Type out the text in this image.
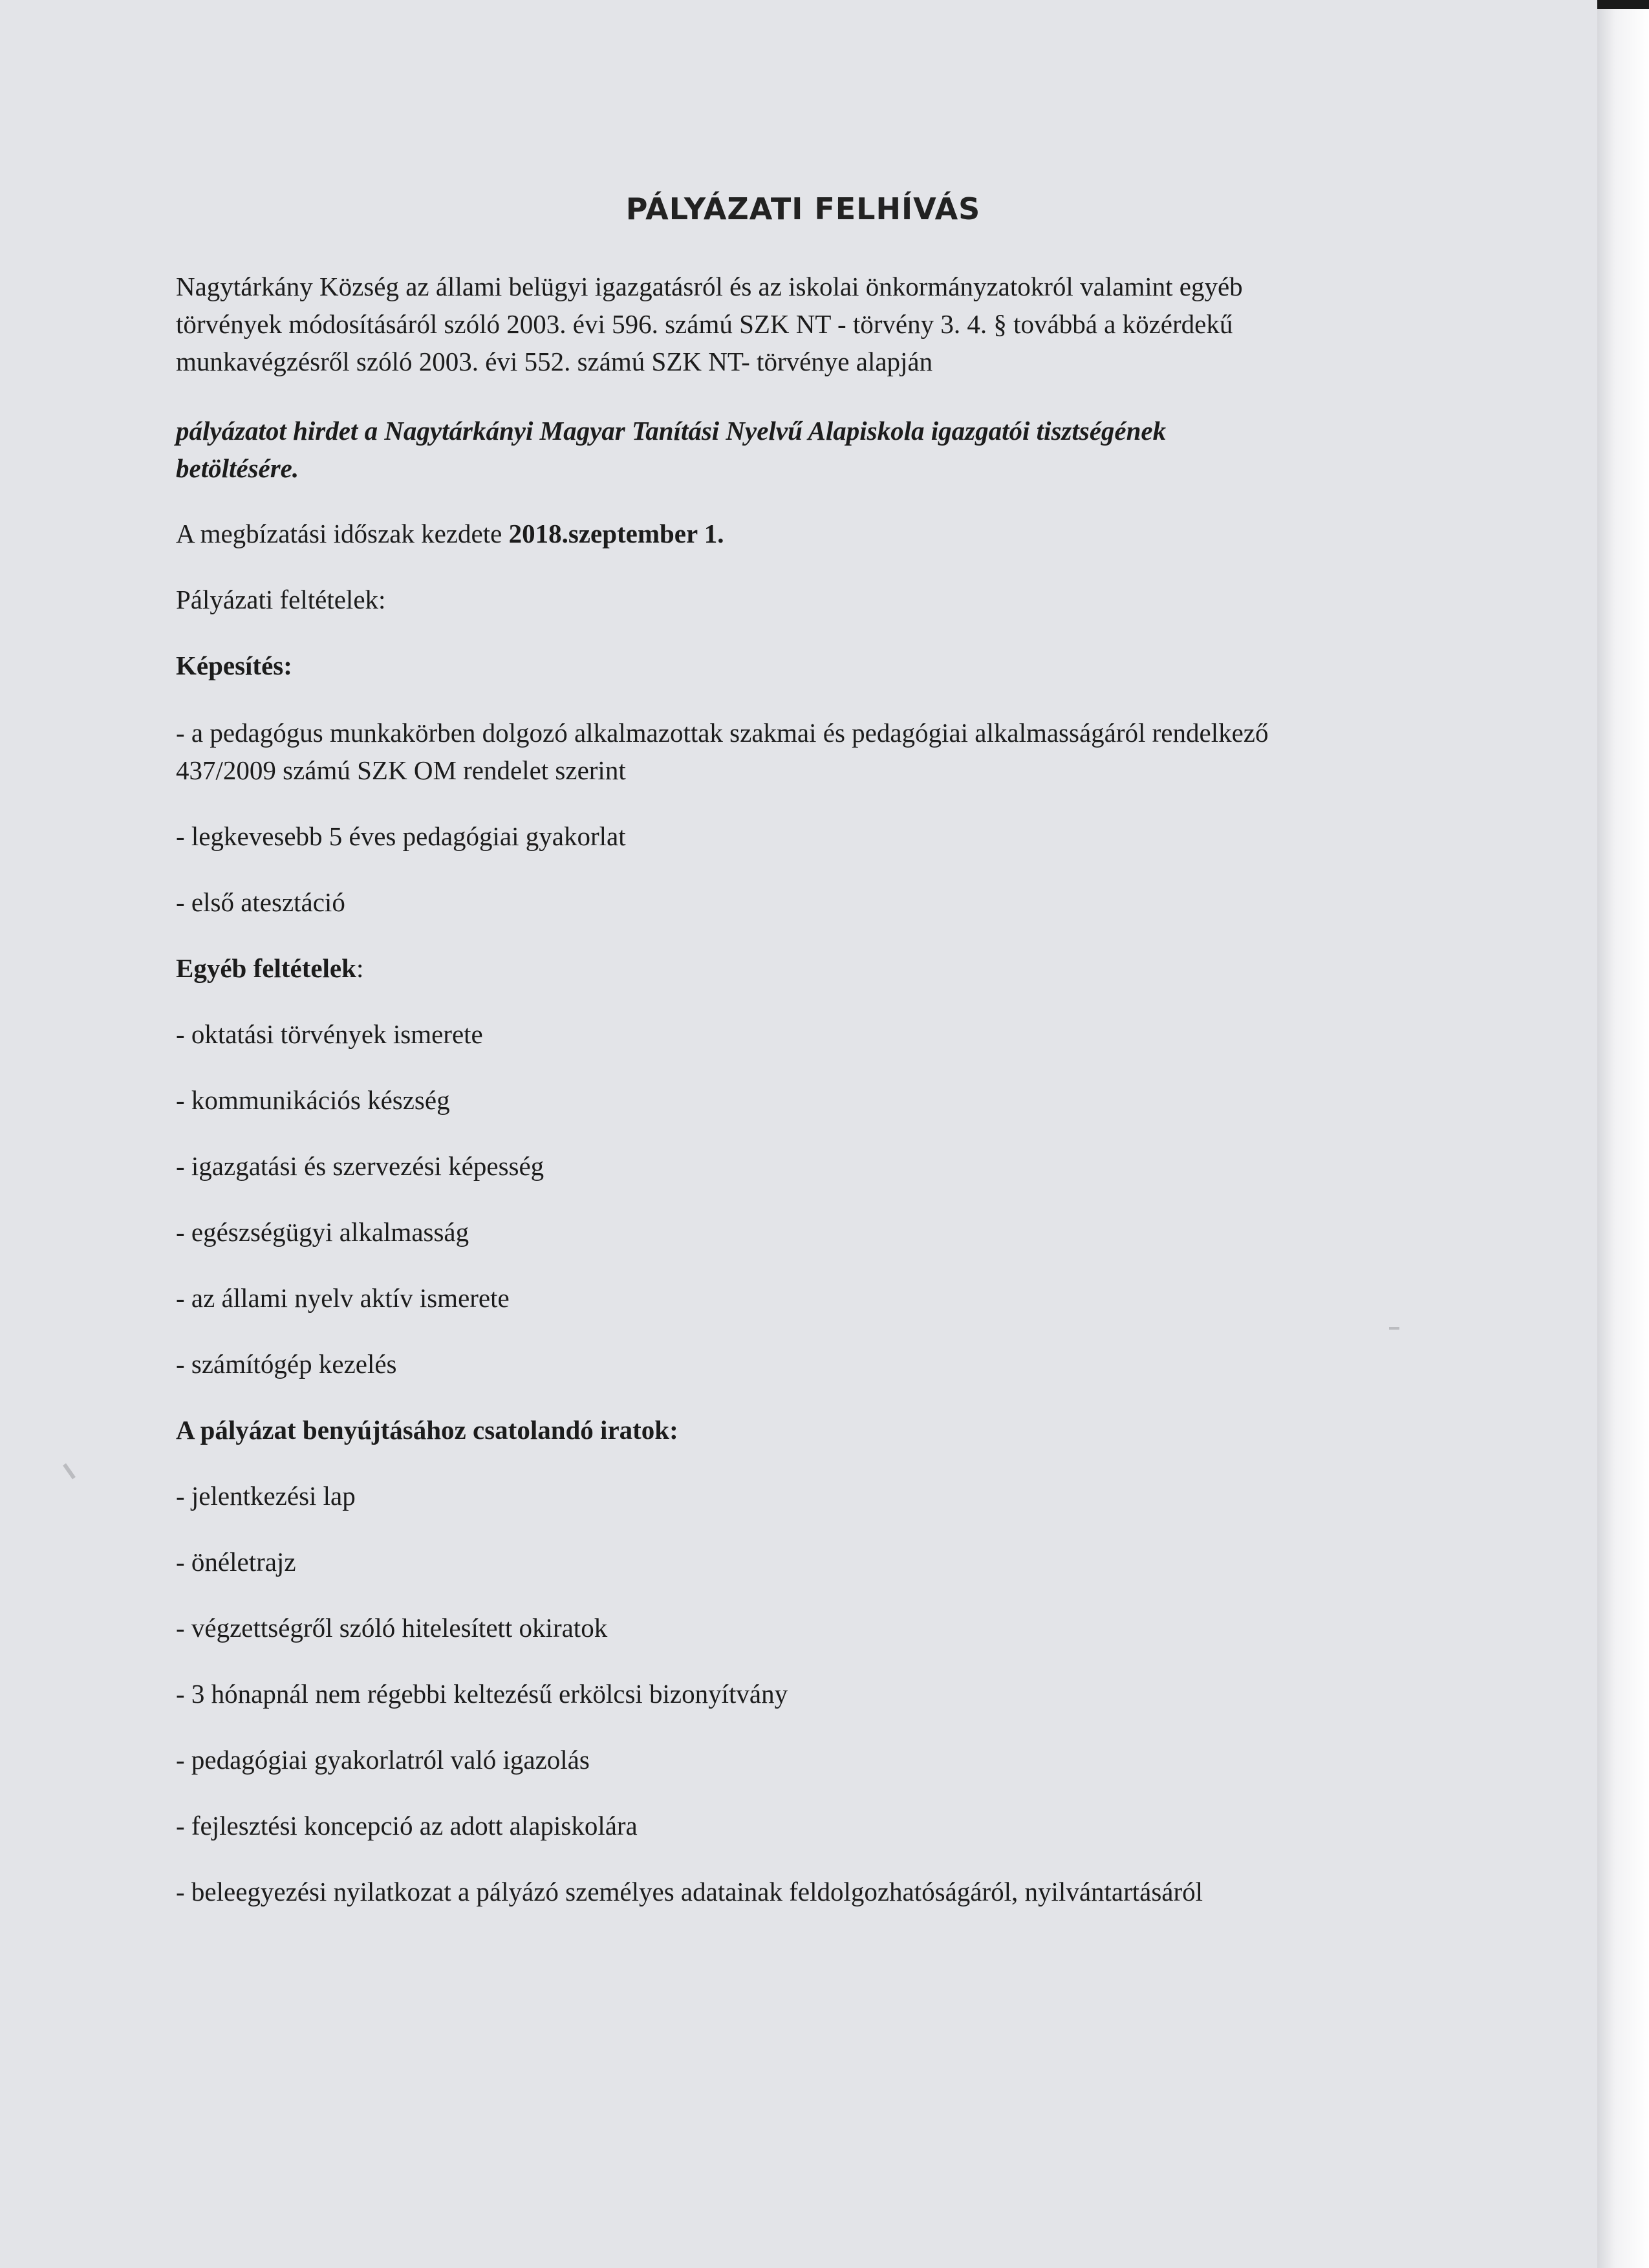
PÁLYÁZATI FELHÍVÁS

Nagytárkány Község az állami belügyi igazgatásról és az iskolai önkormányzatokról valamint egyéb

törvények módosításáról szóló 2003. évi 596. számú SZK NT - törvény 3. 4. § továbbá a közérdekű

munkavégzésről szóló 2003. évi 552. számú SZK NT- törvénye alapján

pályázatot hirdet a Nagytárkányi Magyar Tanítási Nyelvű Alapiskola igazgatói tisztségének

betöltésére.

A megbízatási időszak kezdete 2018.szeptember 1.
Pályázati feltételek:
Képesítés:
- a pedagógus munkakörben dolgozó alkalmazottak szakmai és pedagógiai alkalmasságáról rendelkező
437/2009 számú SZK OM rendelet szerint
- legkevesebb 5 éves pedagógiai gyakorlat
- első atesztáció
Egyéb feltételek:
- oktatási törvények ismerete
- kommunikációs készség
- igazgatási és szervezési képesség
- egészségügyi alkalmasság
- az állami nyelv aktív ismerete
- számítógép kezelés
A pályázat benyújtásához csatolandó iratok:
- jelentkezési lap
- önéletrajz
- végzettségről szóló hitelesített okiratok
- 3 hónapnál nem régebbi keltezésű erkölcsi bizonyítvány
- pedagógiai gyakorlatról való igazolás
- fejlesztési koncepció az adott alapiskolára
- beleegyezési nyilatkozat a pályázó személyes adatainak feldolgozhatóságáról, nyilvántartásáról
